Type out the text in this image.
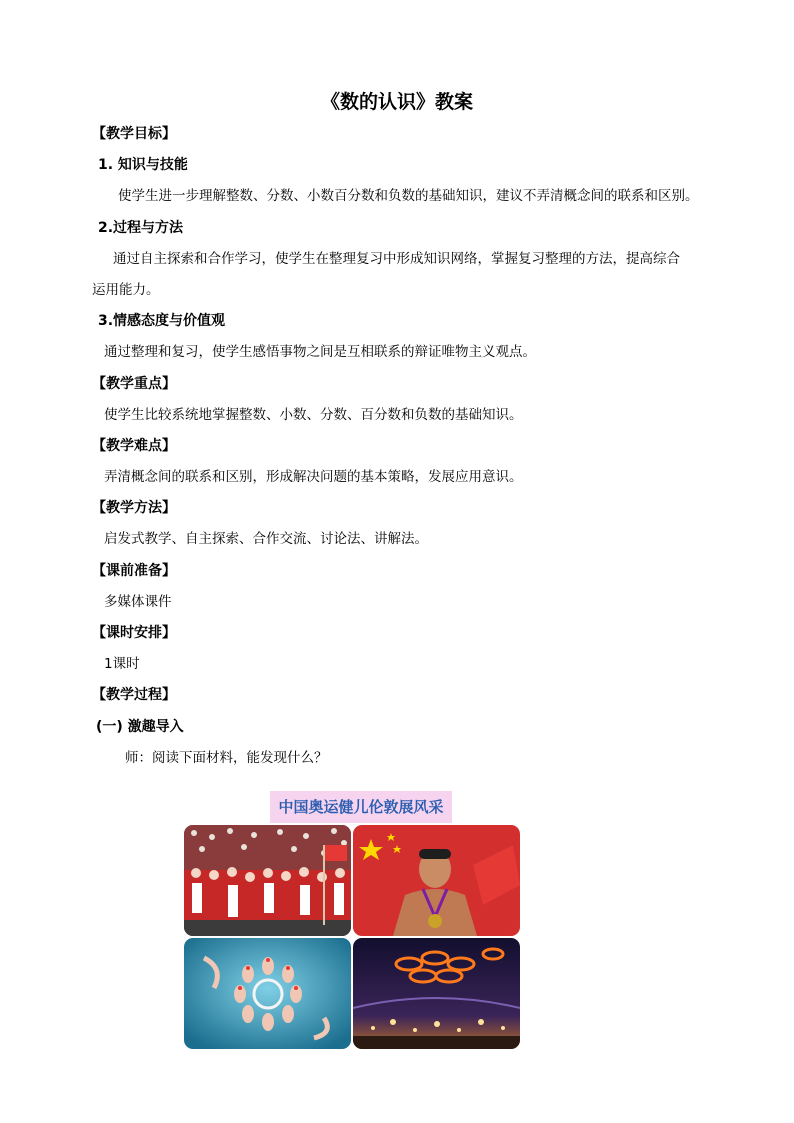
《数的认识》教案
【教学目标】
1. 知识与技能
使学生进一步理解整数、分数、小数百分数和负数的基础知识，建议不弄清概念间的联系和区别。
2.过程与方法
通过自主探索和合作学习，使学生在整理复习中形成知识网络，掌握复习整理的方法，提高综合
运用能力。
3.情感态度与价值观
通过整理和复习，使学生感悟事物之间是互相联系的辩证唯物主义观点。
【教学重点】
使学生比较系统地掌握整数、小数、分数、百分数和负数的基础知识。
【教学难点】
弄清概念间的联系和区别，形成解决问题的基本策略，发展应用意识。
【教学方法】
启发式教学、自主探索、合作交流、讨论法、讲解法。
【课前准备】
多媒体课件
【课时安排】
1课时
【教学过程】
(一) 激趣导入
师：阅读下面材料，能发现什么？
中国奥运健儿伦敦展风采
